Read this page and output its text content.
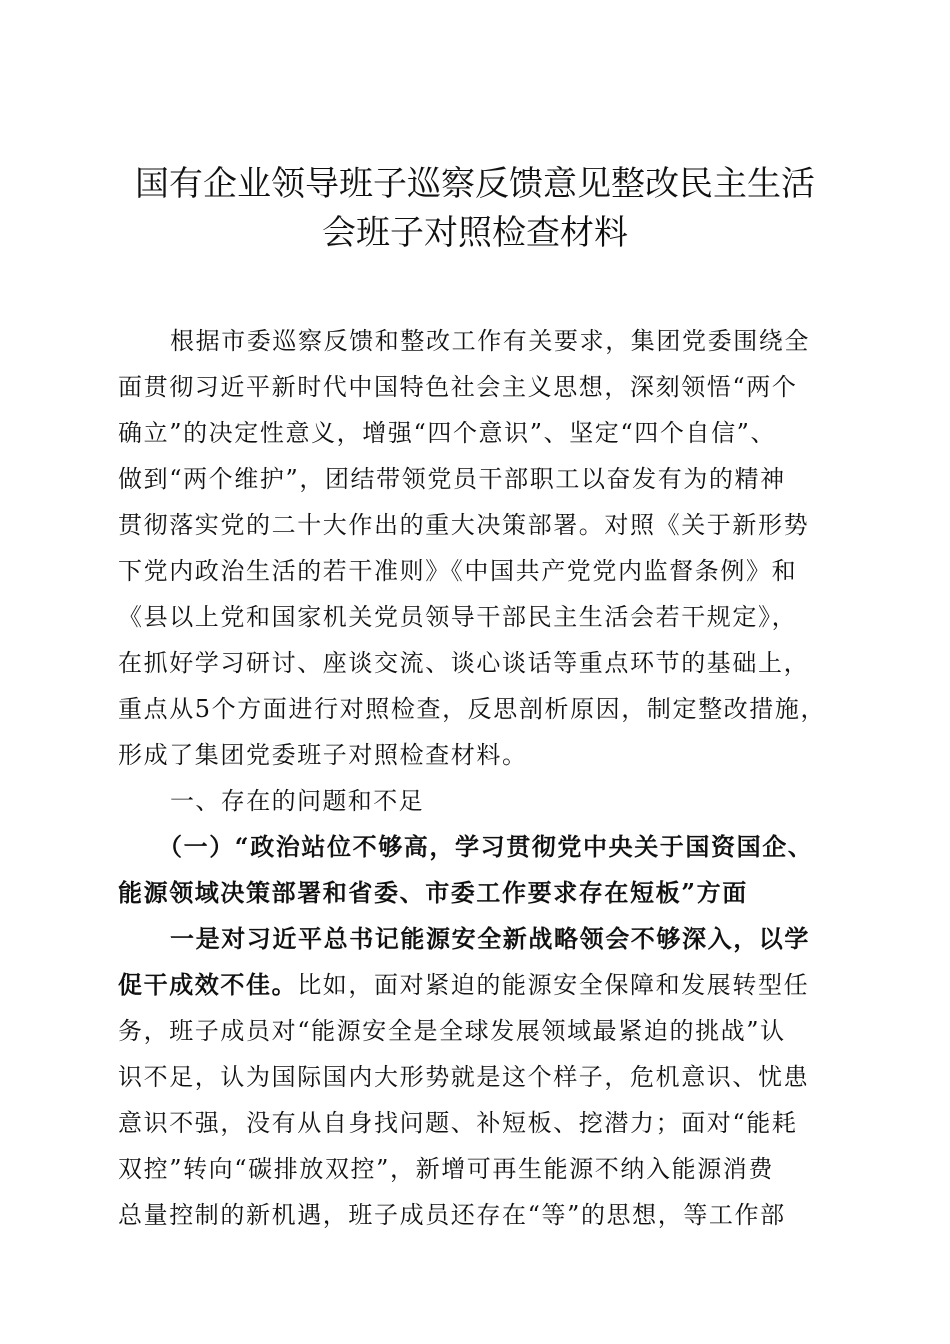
国有企业领导班子巡察反馈意见整改民主生活
会班子对照检查材料
根据市委巡察反馈和整改工作有关要求，集团党委围绕全
面贯彻习近平新时代中国特色社会主义思想，深刻领悟“两个
确立”的决定性意义，增强“四个意识”、坚定“四个自信”、
做到“两个维护”，团结带领党员干部职工以奋发有为的精神
贯彻落实党的二十大作出的重大决策部署。对照《关于新形势
下党内政治生活的若干准则》《中国共产党党内监督条例》和
《县以上党和国家机关党员领导干部民主生活会若干规定》，
在抓好学习研讨、座谈交流、谈心谈话等重点环节的基础上，
重点从5个方面进行对照检查，反思剖析原因，制定整改措施，
形成了集团党委班子对照检查材料。
一、存在的问题和不足
（一）“政治站位不够高，学习贯彻党中央关于国资国企、
能源领域决策部署和省委、市委工作要求存在短板”方面
一是对习近平总书记能源安全新战略领会不够深入，以学
促干成效不佳。比如，面对紧迫的能源安全保障和发展转型任
务，班子成员对“能源安全是全球发展领域最紧迫的挑战”认
识不足，认为国际国内大形势就是这个样子，危机意识、忧患
意识不强，没有从自身找问题、补短板、挖潜力；面对“能耗
双控”转向“碳排放双控”，新增可再生能源不纳入能源消费
总量控制的新机遇，班子成员还存在“等”的思想，等工作部
